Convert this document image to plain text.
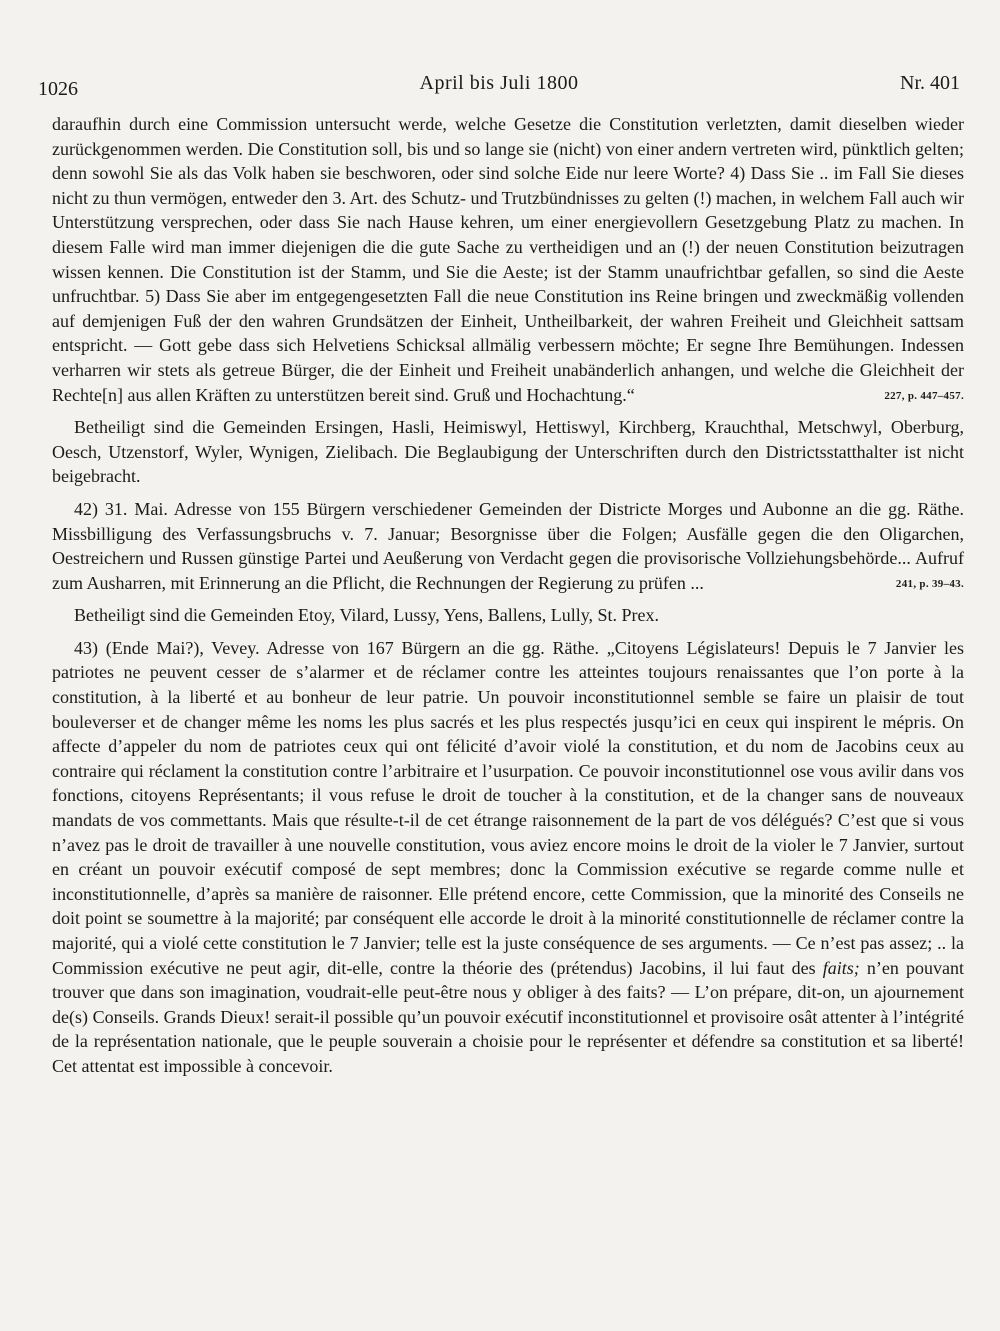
1026	April bis Juli 1800	Nr. 401

daraufhin durch eine Commission untersucht werde, welche Gesetze die Constitution verletzten, damit dieselben wieder zurückgenommen werden. Die Constitution soll, bis und so lange sie (nicht) von einer andern vertreten wird, pünktlich gelten; denn sowohl Sie als das Volk haben sie beschworen, oder sind solche Eide nur leere Worte? 4) Dass Sie .. im Fall Sie dieses nicht zu thun vermögen, entweder den 3. Art. des Schutz- und Trutzbündnisses zu gelten (!) machen, in welchem Fall auch wir Unterstützung versprechen, oder dass Sie nach Hause kehren, um einer energievollern Gesetzgebung Platz zu machen. In diesem Falle wird man immer diejenigen die die gute Sache zu vertheidigen und an (!) der neuen Constitution beizutragen wissen kennen. Die Constitution ist der Stamm, und Sie die Aeste; ist der Stamm unaufrichtbar gefallen, so sind die Aeste unfruchtbar. 5) Dass Sie aber im entgegengesetzten Fall die neue Constitution ins Reine bringen und zweckmäßig vollenden auf demjenigen Fuß der den wahren Grundsätzen der Einheit, Untheilbarkeit, der wahren Freiheit und Gleichheit sattsam entspricht. — Gott gebe dass sich Helvetiens Schicksal allmälig verbessern möchte; Er segne Ihre Bemühungen. Indessen verharren wir stets als getreue Bürger, die der Einheit und Freiheit unabänderlich anhangen, und welche die Gleichheit der Rechte[n] aus allen Kräften zu unterstützen bereit sind. Gruß und Hochachtung.“	227, p. 447–457.

Betheiligt sind die Gemeinden Ersingen, Hasli, Heimiswyl, Hettiswyl, Kirchberg, Krauchthal, Metschwyl, Oberburg, Oesch, Utzenstorf, Wyler, Wynigen, Zielibach. Die Beglaubigung der Unterschriften durch den Districtsstatthalter ist nicht beigebracht.

42) 31. Mai. Adresse von 155 Bürgern verschiedener Gemeinden der Districte Morges und Aubonne an die gg. Räthe. Missbilligung des Verfassungsbruchs v. 7. Januar; Besorgnisse über die Folgen; Ausfälle gegen die den Oligarchen, Oestreichern und Russen günstige Partei und Aeußerung von Verdacht gegen die provisorische Vollziehungsbehörde... Aufruf zum Ausharren, mit Erinnerung an die Pflicht, die Rechnungen der Regierung zu prüfen ...	241, p. 39–43.

Betheiligt sind die Gemeinden Etoy, Vilard, Lussy, Yens, Ballens, Lully, St. Prex.

43) (Ende Mai?), Vevey. Adresse von 167 Bürgern an die gg. Räthe. „Citoyens Législateurs! Depuis le 7 Janvier les patriotes ne peuvent cesser de s’alarmer et de réclamer contre les atteintes toujours renaissantes que l’on porte à la constitution, à la liberté et au bonheur de leur patrie. Un pouvoir inconstitutionnel semble se faire un plaisir de tout bouleverser et de changer même les noms les plus sacrés et les plus respectés jusqu’ici en ceux qui inspirent le mépris. On affecte d’appeler du nom de patriotes ceux qui ont félicité d’avoir violé la constitution, et du nom de Jacobins ceux au contraire qui réclament la constitution contre l’arbitraire et l’usurpation. Ce pouvoir inconstitutionnel ose vous avilir dans vos fonctions, citoyens Représentants; il vous refuse le droit de toucher à la constitution, et de la changer sans de nouveaux mandats de vos commettants. Mais que résulte-t-il de cet étrange raisonnement de la part de vos délégués? C’est que si vous n’avez pas le droit de travailler à une nouvelle constitution, vous aviez encore moins le droit de la violer le 7 Janvier, surtout en créant un pouvoir exécutif composé de sept membres; donc la Commission exécutive se regarde comme nulle et inconstitutionnelle, d’après sa manière de raisonner. Elle prétend encore, cette Commission, que la minorité des Conseils ne doit point se soumettre à la majorité; par conséquent elle accorde le droit à la minorité constitutionnelle de réclamer contre la majorité, qui a violé cette constitution le 7 Janvier; telle est la juste conséquence de ses arguments. — Ce n’est pas assez; .. la Commission exécutive ne peut agir, dit-elle, contre la théorie des (prétendus) Jacobins, il lui faut des faits; n’en pouvant trouver que dans son imagination, voudrait-elle peut-être nous y obliger à des faits? — L’on prépare, dit-on, un ajournement de(s) Conseils. Grands Dieux! serait-il possible qu’un pouvoir exécutif inconstitutionnel et provisoire osât attenter à l’intégrité de la représentation nationale, que le peuple souverain a choisie pour le représenter et défendre sa constitution et sa liberté! Cet attentat est impossible à concevoir.
